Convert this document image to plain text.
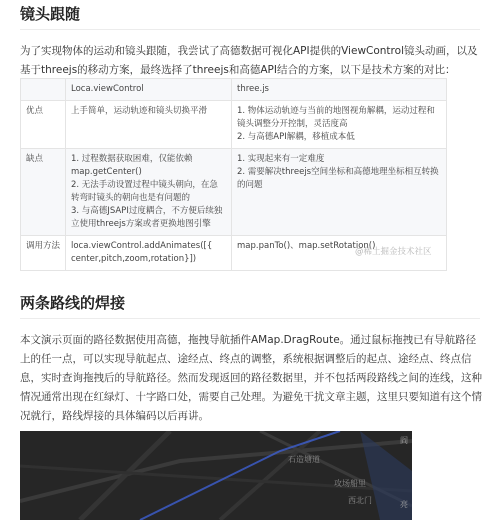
镜头跟随

为了实现物体的运动和镜头跟随，我尝试了高德数据可视化API提供的ViewControl镜头动画，以及基于threejs的移动方案，最终选择了threejs和高德API结合的方案，以下是技术方案的对比：

	Loca.viewControl	three.js
优点	上手简单，运动轨迹和镜头切换平滑	1. 物体运动轨迹与当前的地图视角解耦，运动过程和镜头调整分开控制，灵活度高
2. 与高德API解耦，移植成本低

缺点	1. 过程数据获取困难，仅能依赖map.getCenter()
2. 无法手动设置过程中镜头朝向，在急转弯时镜头的朝向也是有问题的
3. 与高德JSAPI过度耦合，不方便后续独立使用threejs方案或者更换地图引擎	1. 实现起来有一定难度
2. 需要解决threejs空间坐标和高德地理坐标相互转换的问题

调用方法	loca.viewControl.addAnimates([{ center,pitch,zoom,rotation}])	map.panTo()、map.setRotation()
@稀土掘金技术社区
两条路线的焊接

本文演示页面的路径数据使用高德，拖拽导航插件AMap.DragRoute。通过鼠标拖拽已有导航路径上的任一点，可以实现导航起点、途经点、终点的调整，系统根据调整后的起点、途经点、终点信息，实时查询拖拽后的导航路径。然而发现返回的路径数据里，并不包括两段路线之间的连线，这种情况通常出现在红绿灯、十字路口处，需要自己处理。为避免干扰文章主题，这里只要知道有这个情况就行，路线焊接的具体编码以后再讲。

石造塘道
攻场船里
西北门
阎
亮
